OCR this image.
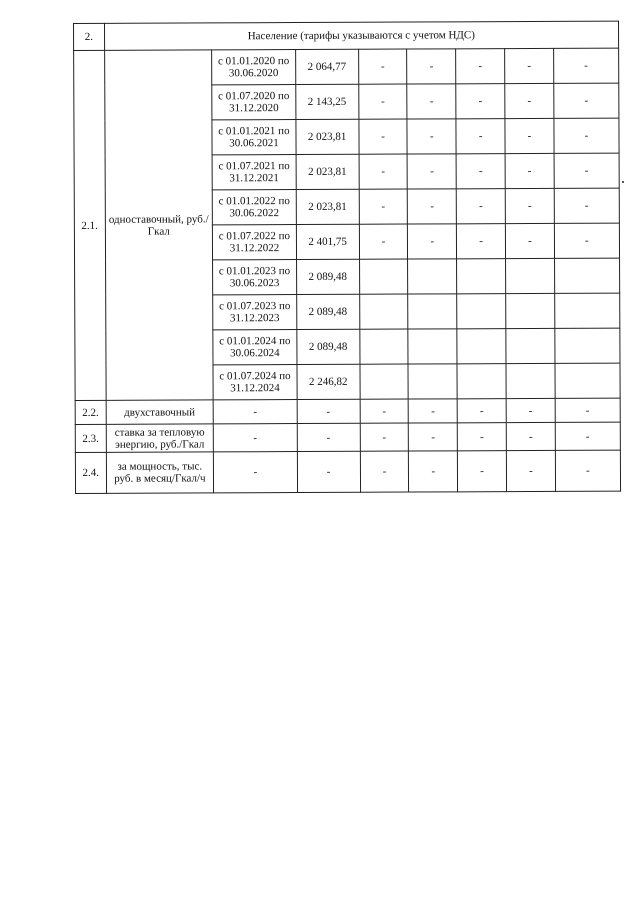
2.	Население (тарифы указываются с учетом НДС)							
2.1.	одноставочный, руб./Гкал	с 01.01.2020 по 30.06.2020	2 064,77	-	-	-	-	-
		с 01.07.2020 по 31.12.2020	2 143,25	-	-	-	-	-
		с 01.01.2021 по 30.06.2021	2 023,81	-	-	-	-	-
		с 01.07.2021 по 31.12.2021	2 023,81	-	-	-	-	-
		с 01.01.2022 по 30.06.2022	2 023,81	-	-	-	-	-
		с 01.07.2022 по 31.12.2022	2 401,75	-	-	-	-	-
		с 01.01.2023 по 30.06.2023	2 089,48					
		с 01.07.2023 по 31.12.2023	2 089,48					
		с 01.01.2024 по 30.06.2024	2 089,48					
		с 01.07.2024 по 31.12.2024	2 246,82					
2.2.	двухставочный	-	-	-	-	-	-	-
2.3.	ставка за тепловую энергию, руб./Гкал	-	-	-	-	-	-	-
2.4.	за мощность, тыс. руб. в месяц/Гкал/ч	-	-	-	-	-	-	-
